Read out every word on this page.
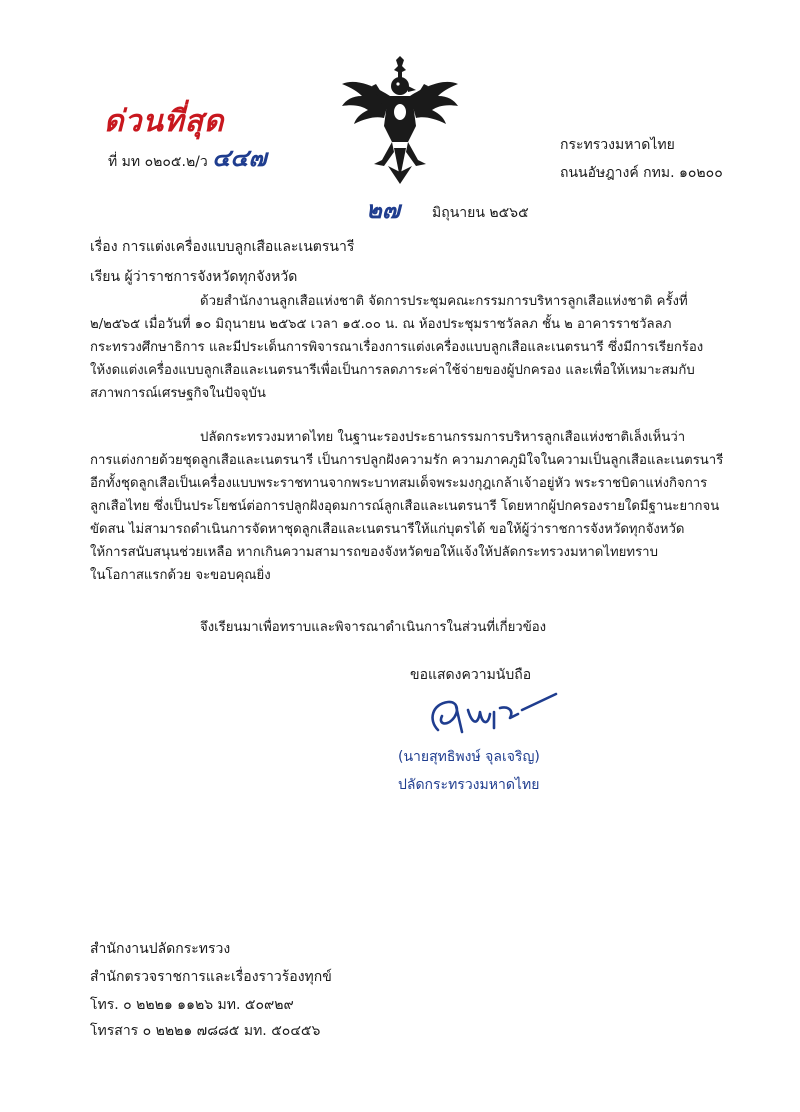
ด่วนที่สุด
ที่ มท ๐๒๐๕.๒/ว ๔๔๗	กระทรวงมหาดไทย
ถนนอัษฎางค์ กทม. ๑๐๒๐๐
๒๗ มิถุนายน ๒๕๖๕
เรื่อง การแต่งเครื่องแบบลูกเสือและเนตรนารี
เรียน ผู้ว่าราชการจังหวัดทุกจังหวัด

ด้วยสำนักงานลูกเสือแห่งชาติ จัดการประชุมคณะกรรมการบริหารลูกเสือแห่งชาติ ครั้งที่
๒/๒๕๖๕ เมื่อวันที่ ๑๐ มิถุนายน ๒๕๖๕ เวลา ๑๕.๐๐ น. ณ ห้องประชุมราชวัลลภ ชั้น ๒ อาคารราชวัลลภ
กระทรวงศึกษาธิการ และมีประเด็นการพิจารณาเรื่องการแต่งเครื่องแบบลูกเสือและเนตรนารี ซึ่งมีการเรียกร้อง
ให้งดแต่งเครื่องแบบลูกเสือและเนตรนารีเพื่อเป็นการลดภาระค่าใช้จ่ายของผู้ปกครอง และเพื่อให้เหมาะสมกับ
สภาพการณ์เศรษฐกิจในปัจจุบัน

ปลัดกระทรวงมหาดไทย ในฐานะรองประธานกรรมการบริหารลูกเสือแห่งชาติเล็งเห็นว่า
การแต่งกายด้วยชุดลูกเสือและเนตรนารี เป็นการปลูกฝังความรัก ความภาคภูมิใจในความเป็นลูกเสือและเนตรนารี
อีกทั้งชุดลูกเสือเป็นเครื่องแบบพระราชทานจากพระบาทสมเด็จพระมงกุฎเกล้าเจ้าอยู่หัว พระราชบิดาแห่งกิจการ
ลูกเสือไทย ซึ่งเป็นประโยชน์ต่อการปลูกฝังอุดมการณ์ลูกเสือและเนตรนารี โดยหากผู้ปกครองรายใดมีฐานะยากจน
ขัดสน ไม่สามารถดำเนินการจัดหาชุดลูกเสือและเนตรนารีให้แก่บุตรได้ ขอให้ผู้ว่าราชการจังหวัดทุกจังหวัด
ให้การสนับสนุนช่วยเหลือ หากเกินความสามารถของจังหวัดขอให้แจ้งให้ปลัดกระทรวงมหาดไทยทราบ
ในโอกาสแรกด้วย จะขอบคุณยิ่ง

จึงเรียนมาเพื่อทราบและพิจารณาดำเนินการในส่วนที่เกี่ยวข้อง

ขอแสดงความนับถือ
(นายสุทธิพงษ์ จุลเจริญ)
ปลัดกระทรวงมหาดไทย
สำนักงานปลัดกระทรวง
สำนักตรวจราชการและเรื่องราวร้องทุกข์
โทร. ๐ ๒๒๒๑ ๑๑๒๖ มท. ๕๐๙๒๙
โทรสาร ๐ ๒๒๒๑ ๗๘๘๕ มท. ๕๐๔๕๖
